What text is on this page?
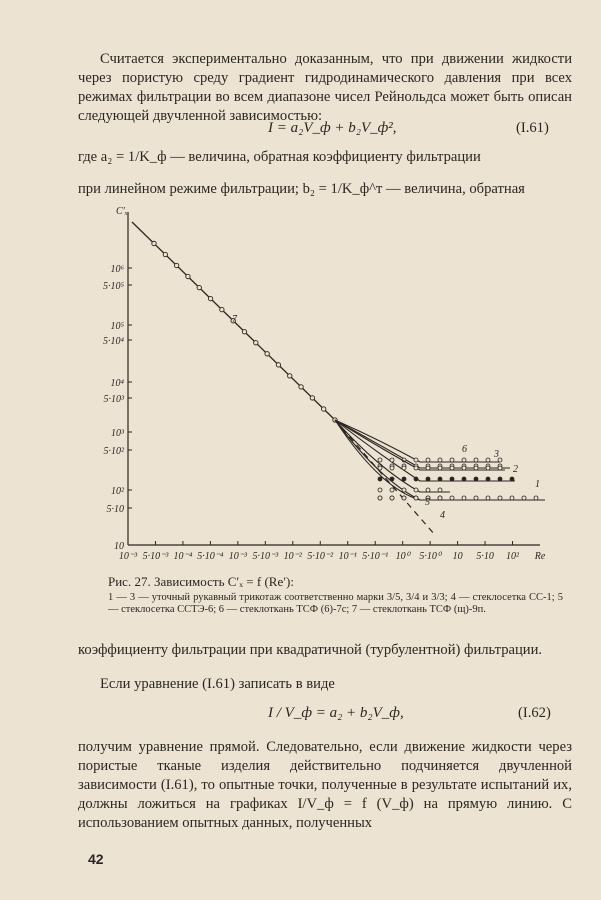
Считается экспериментально доказанным, что при движении жидкости через пористую среду градиент гидродинамического давления при всех режимах фильтрации во всем диапазоне чисел Рейнольдса может быть описан следующей двучленной зависимостью:
I = a₂V_ф + b₂V_ф²,	(I.61)
где a₂ = 1/K_ф — величина, обратная коэффициенту фильтрации
при линейном режиме фильтрации; b₂ = 1/K_ф^т — величина, обратная
10⁶
5·10⁵
10⁵
5·10⁴
10⁴
5·10³
10³
5·10²
10²
5·10
10
C′ₓ
10⁻³ 5·10⁻³ 10⁻⁴ 5·10⁻⁴ 10⁻³ 5·10⁻³ 10⁻² 5·10⁻² 10⁻¹ 5·10⁻¹ 10⁰ 5·10⁰ 10 5·10 10² Re
1
2
3
4
5
6
7
Рис. 27. Зависимость C′ₓ = f (Re′):
1 — 3 — уточный рукавный трикотаж соответственно марки 3/5, 3/4 и 3/3; 4 — стеклосетка СС-1; 5 — стеклосетка ССТЭ-6; 6 — стеклоткань ТСФ (6)-7с; 7 — стеклоткань ТСФ (щ)-9п.
коэффициенту фильтрации при квадратичной (турбулентной) фильтрации.
Если уравнение (I.61) записать в виде
I / V_ф = a₂ + b₂V_ф,	(I.62)
получим уравнение прямой. Следовательно, если движение жидкости через пористые тканые изделия действительно подчиняется двучленной зависимости (I.61), то опытные точки, полученные в результате испытаний их, должны ложиться на графиках I/V_ф = f (V_ф) на прямую линию. С использованием опытных данных, полученных
42
